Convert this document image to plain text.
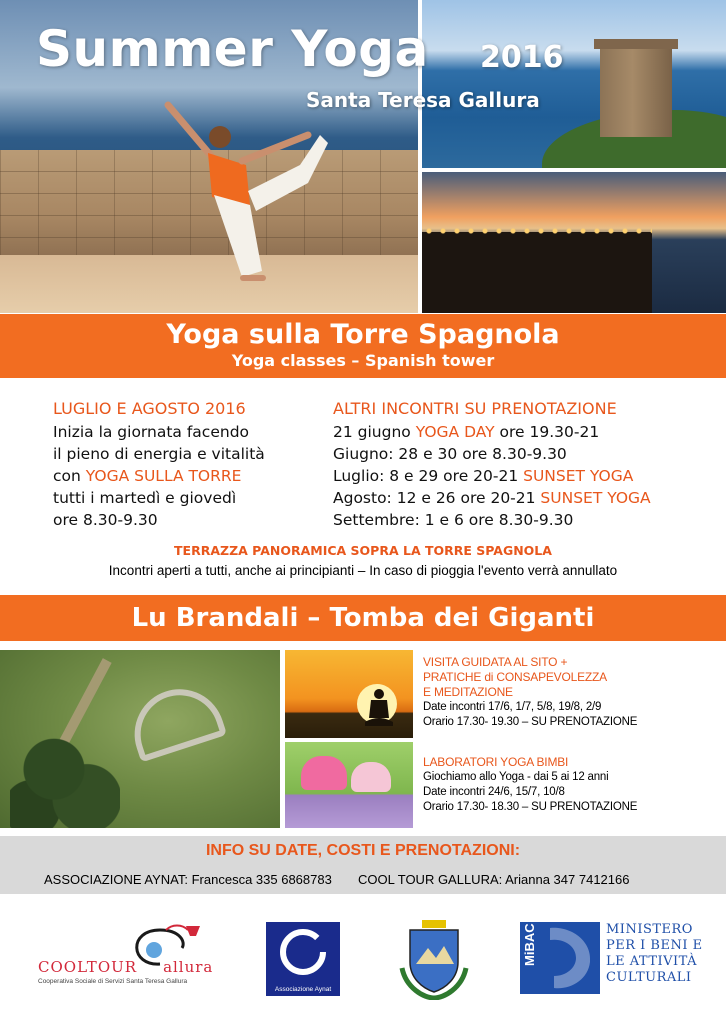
Summer Yoga 2016
Santa Teresa Gallura
Yoga sulla Torre Spagnola
Yoga classes – Spanish tower
LUGLIO E AGOSTO 2016
Inizia la giornata facendo
il pieno di energia e vitalità
con YOGA SULLA TORRE
tutti i martedì e giovedì
ore 8.30-9.30
ALTRI INCONTRI SU PRENOTAZIONE
21 giugno YOGA DAY ore 19.30-21
Giugno: 28 e 30 ore 8.30-9.30
Luglio: 8 e 29 ore 20-21 SUNSET YOGA
Agosto: 12 e 26 ore 20-21 SUNSET YOGA
Settembre: 1 e 6 ore 8.30-9.30
TERRAZZA PANORAMICA SOPRA LA TORRE SPAGNOLA
Incontri aperti a tutti, anche ai principianti – In caso di pioggia l'evento verrà annullato
Lu Brandali – Tomba dei Giganti
VISITA GUIDATA AL SITO +
PRATICHE di CONSAPEVOLEZZA
E MEDITAZIONE
Date incontri 17/6, 1/7, 5/8, 19/8, 2/9
Orario 17.30- 19.30 – SU PRENOTAZIONE
LABORATORI YOGA BIMBI
Giochiamo allo Yoga - dai 5 ai 12 anni
Date incontri 24/6, 15/7, 10/8
Orario 17.30- 18.30 – SU PRENOTAZIONE
INFO SU DATE, COSTI E PRENOTAZIONI:
ASSOCIAZIONE AYNAT: Francesca 335 6868783 COOL TOUR GALLURA: Arianna 347 7412166
COOLTOUR allura
Cooperativa Sociale di Servizi Santa Teresa Gallura
Associazione Aynat
MiBAC	MINISTERO
PER I BENI E
LE ATTIVITÀ
CULTURALI
